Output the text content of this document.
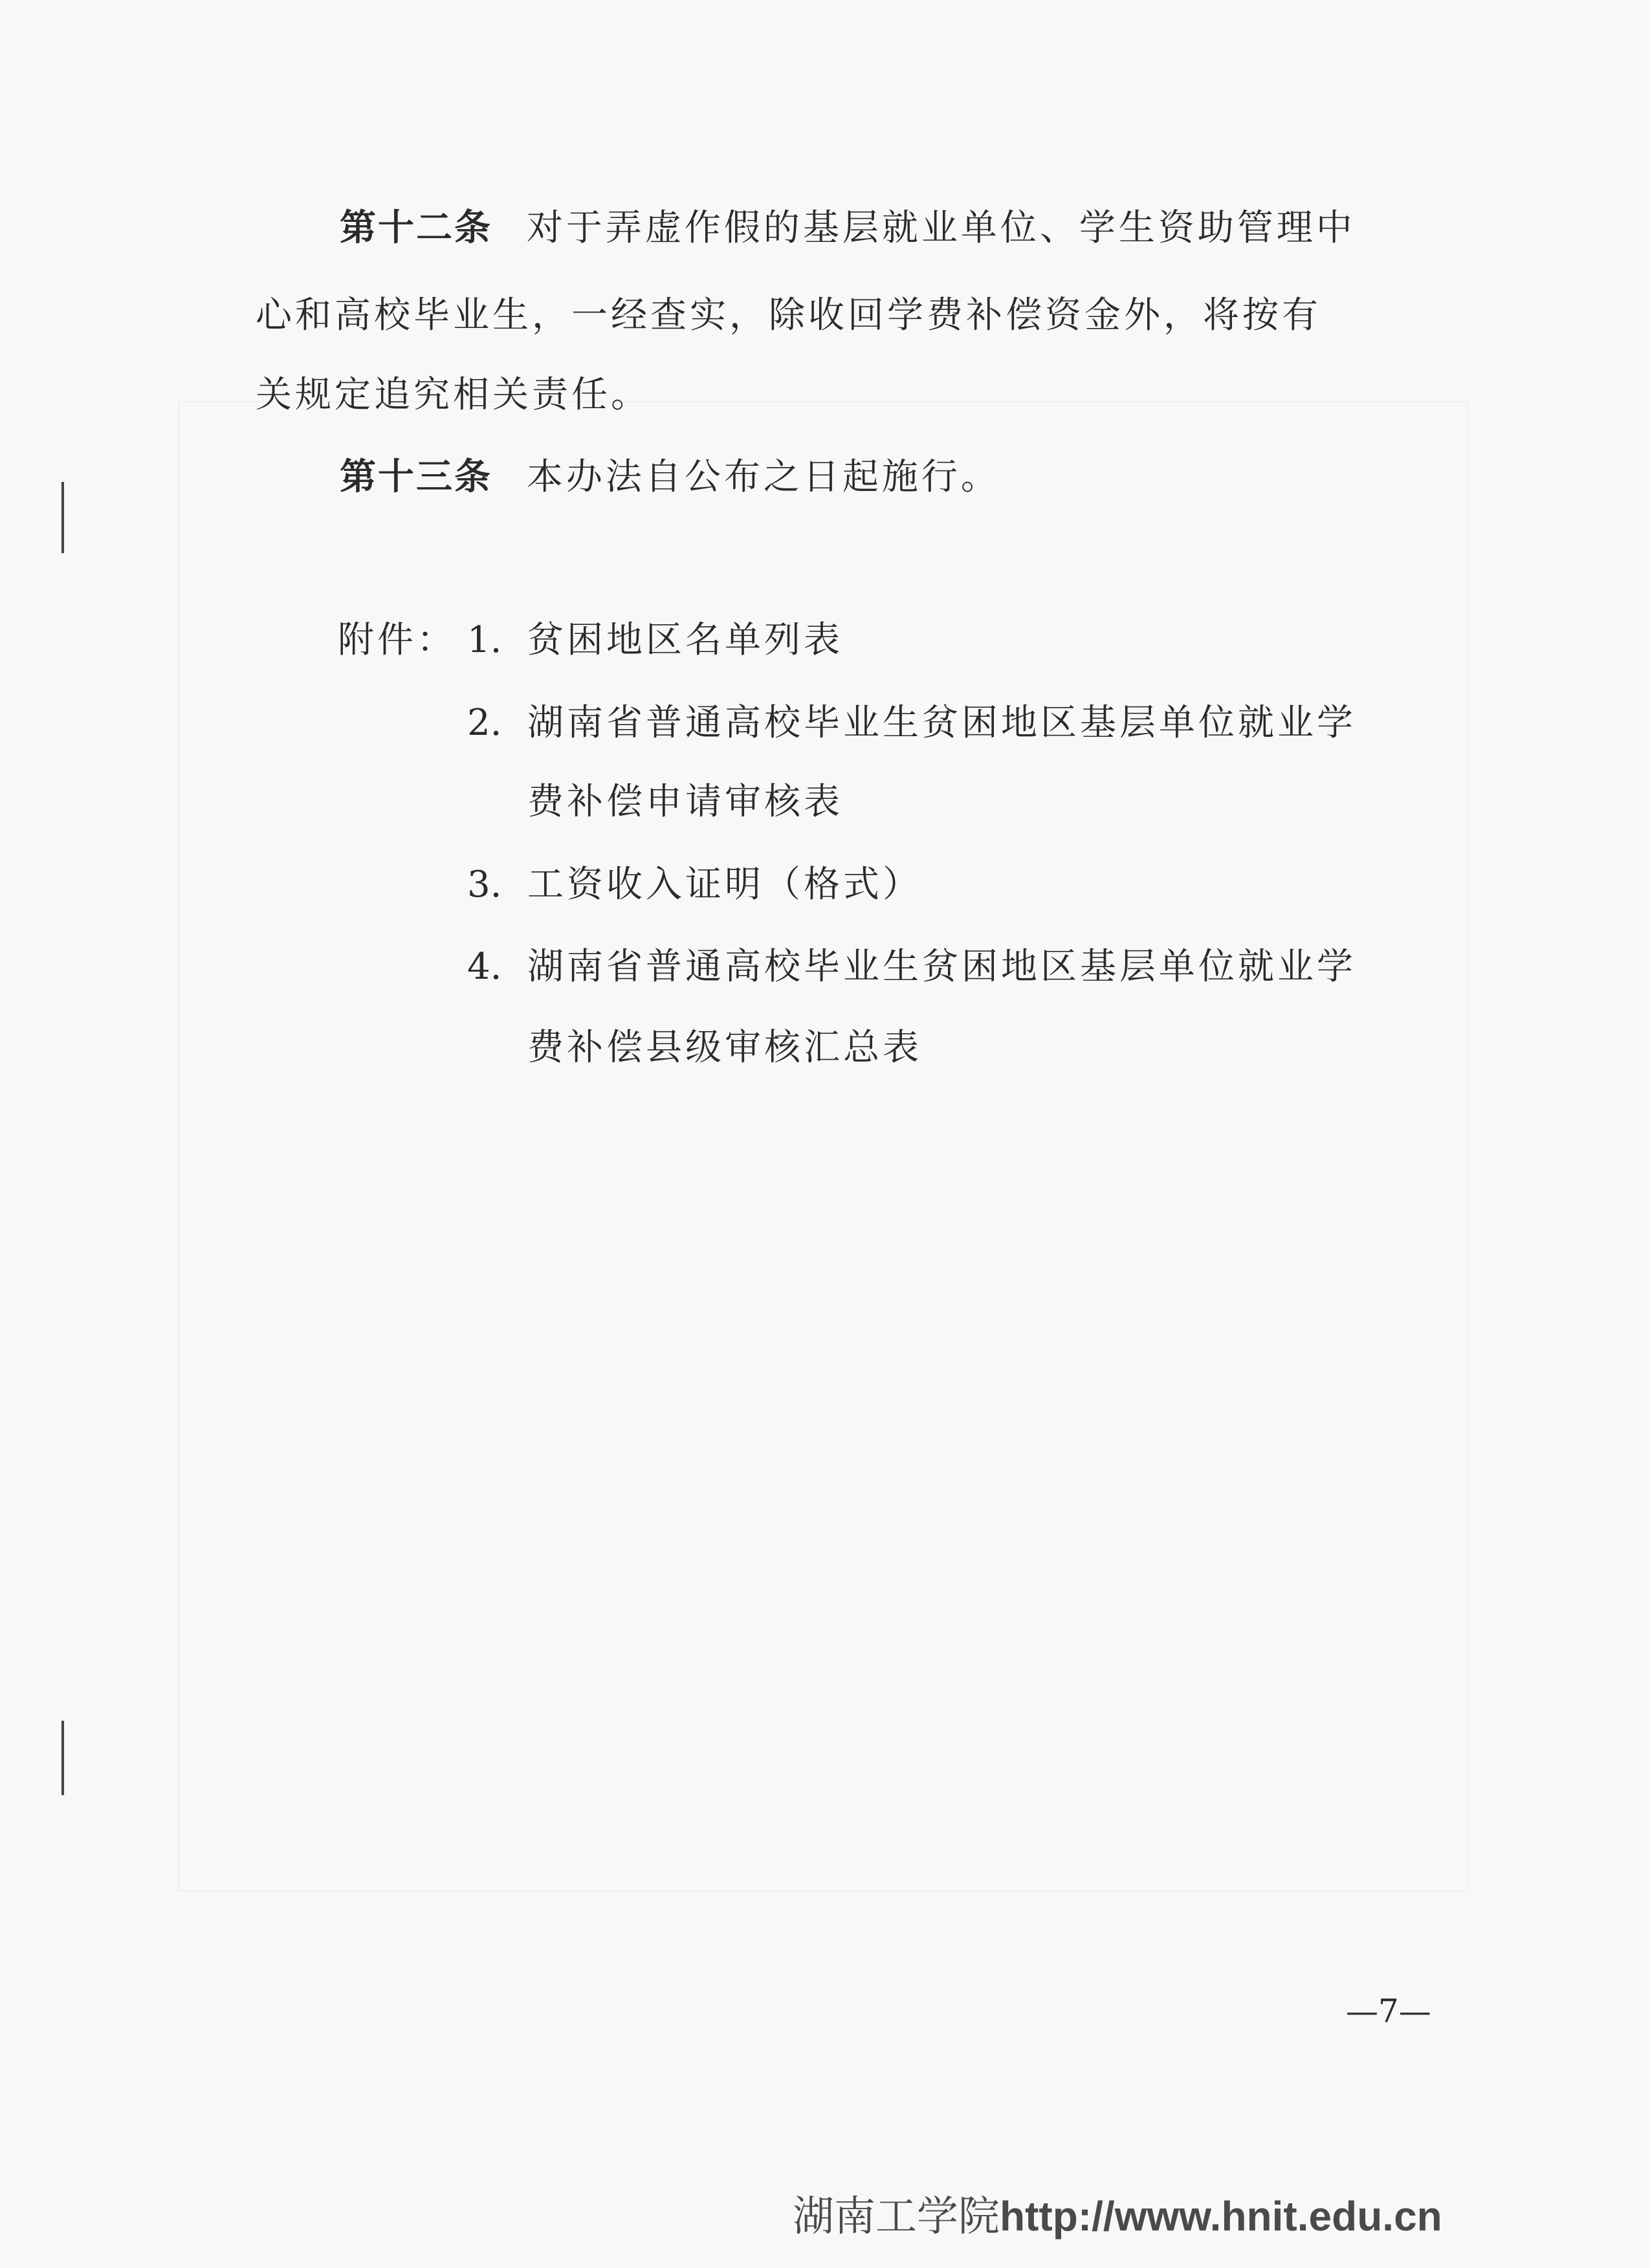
第十二条 对于弄虚作假的基层就业单位、学生资助管理中
心和高校毕业生，一经查实，除收回学费补偿资金外，将按有
关规定追究相关责任。
第十三条 本办法自公布之日起施行。
附件： 1. 贫困地区名单列表
2. 湖南省普通高校毕业生贫困地区基层单位就业学
费补偿申请审核表
3. 工资收入证明（格式）
4. 湖南省普通高校毕业生贫困地区基层单位就业学
费补偿县级审核汇总表
—7—
湖南工学院http://www.hnit.edu.cn
